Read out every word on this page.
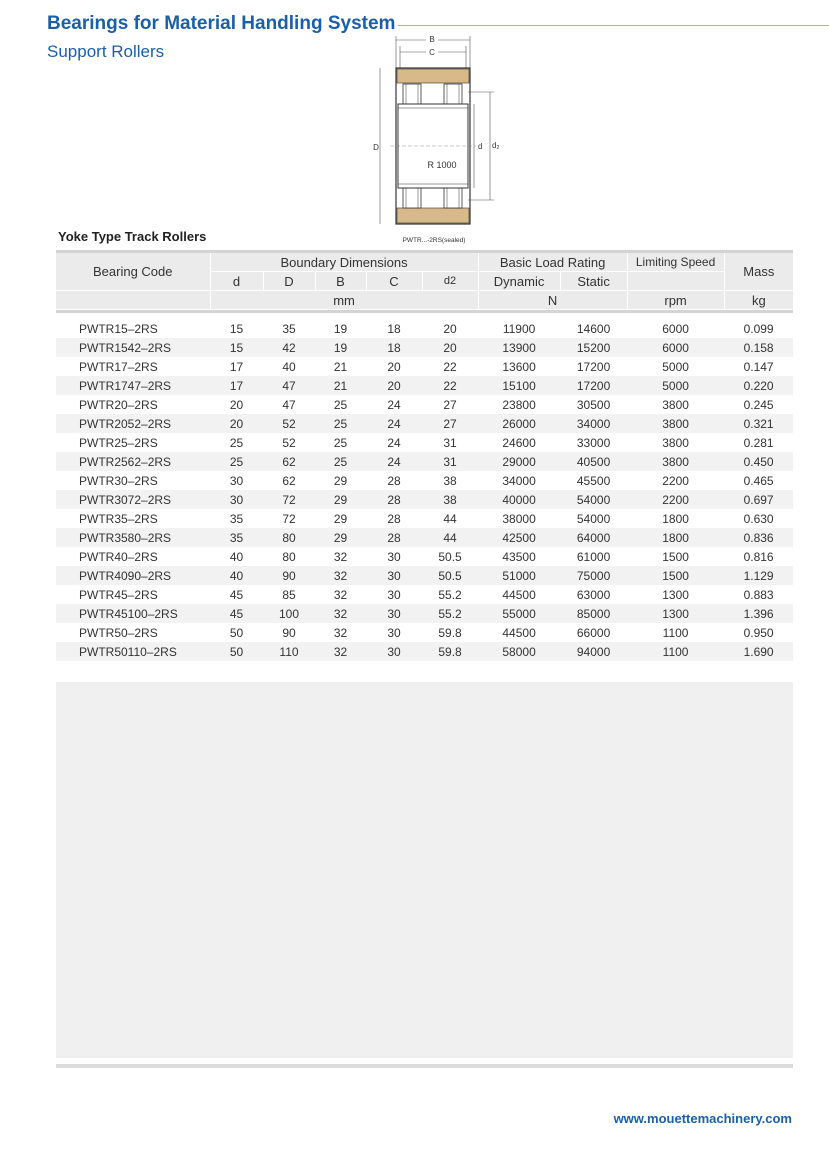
Bearings for Material Handling System
Support Rollers
B
C
D	d d2
R 1000
PWTR...-2RS(sealed)
Yoke Type Track Rollers
Bearing Code	Boundary Dimensions					Basic Load Rating		Limiting Speed	Mass
	d	D	B	C	d2	Dynamic	Static		
	mm					N		rpm	kg

PWTR15–2RS	15	35	19	18	20	11900	14600	6000	0.099
PWTR1542–2RS	15	42	19	18	20	13900	15200	6000	0.158
PWTR17–2RS	17	40	21	20	22	13600	17200	5000	0.147
PWTR1747–2RS	17	47	21	20	22	15100	17200	5000	0.220
PWTR20–2RS	20	47	25	24	27	23800	30500	3800	0.245
PWTR2052–2RS	20	52	25	24	27	26000	34000	3800	0.321
PWTR25–2RS	25	52	25	24	31	24600	33000	3800	0.281
PWTR2562–2RS	25	62	25	24	31	29000	40500	3800	0.450
PWTR30–2RS	30	62	29	28	38	34000	45500	2200	0.465
PWTR3072–2RS	30	72	29	28	38	40000	54000	2200	0.697
PWTR35–2RS	35	72	29	28	44	38000	54000	1800	0.630
PWTR3580–2RS	35	80	29	28	44	42500	64000	1800	0.836
PWTR40–2RS	40	80	32	30	50.5	43500	61000	1500	0.816
PWTR4090–2RS	40	90	32	30	50.5	51000	75000	1500	1.129
PWTR45–2RS	45	85	32	30	55.2	44500	63000	1300	0.883
PWTR45100–2RS	45	100	32	30	55.2	55000	85000	1300	1.396
PWTR50–2RS	50	90	32	30	59.8	44500	66000	1100	0.950
PWTR50110–2RS	50	110	32	30	59.8	58000	94000	1100	1.690
www.mouettemachinery.com
